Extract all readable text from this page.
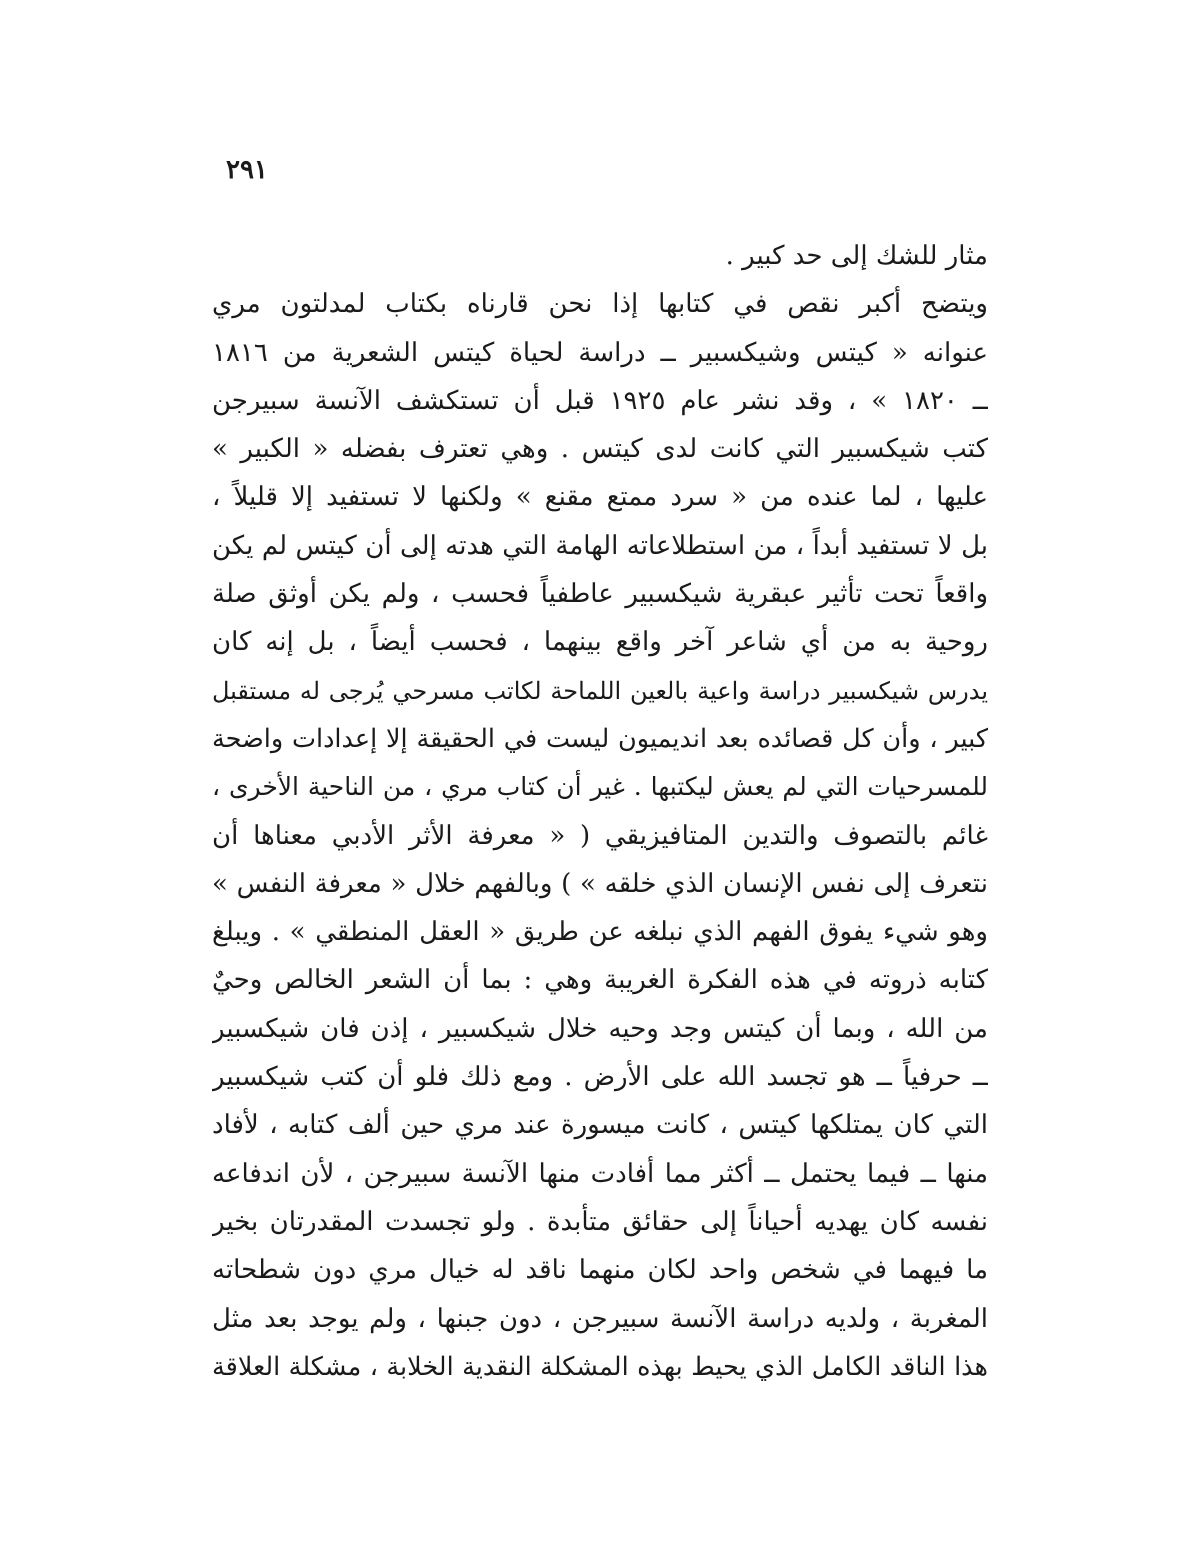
٢٩١
مثار للشك إلى حد كبير .
ويتضح أكبر نقص في كتابها إذا نحن قارناه بكتاب لمدلتون مري
عنوانه « كيتس وشيكسبير ــ دراسة لحياة كيتس الشعرية من ١٨١٦
ــ ١٨٢٠ » ، وقد نشر عام ١٩٢٥ قبل أن تستكشف الآنسة سبيرجن
كتب شيكسبير التي كانت لدى كيتس . وهي تعترف بفضله « الكبير »
عليها ، لما عنده من « سرد ممتع مقنع » ولكنها لا تستفيد إلا قليلاً ،
بل لا تستفيد أبداً ، من استطلاعاته الهامة التي هدته إلى أن كيتس لم يكن
واقعاً تحت تأثير عبقرية شيكسبير عاطفياً فحسب ، ولم يكن أوثق صلة
روحية به من أي شاعر آخر واقع بينهما ، فحسب أيضاً ، بل إنه كان
يدرس شيكسبير دراسة واعية بالعين اللماحة لكاتب مسرحي يُرجى له مستقبل
كبير ، وأن كل قصائده بعد انديميون ليست في الحقيقة إلا إعدادات واضحة
للمسرحيات التي لم يعش ليكتبها . غير أن كتاب مري ، من الناحية الأخرى ،
غائم بالتصوف والتدين المتافيزيقي ( « معرفة الأثر الأدبي معناها أن
نتعرف إلى نفس الإنسان الذي خلقه » ) وبالفهم خلال « معرفة النفس »
وهو شيء يفوق الفهم الذي نبلغه عن طريق « العقل المنطقي » . ويبلغ
كتابه ذروته في هذه الفكرة الغريبة وهي : بما أن الشعر الخالص وحيٌ
من الله ، وبما أن كيتس وجد وحيه خلال شيكسبير ، إذن فان شيكسبير
ــ حرفياً ــ هو تجسد الله على الأرض . ومع ذلك فلو أن كتب شيكسبير
التي كان يمتلكها كيتس ، كانت ميسورة عند مري حين ألف كتابه ، لأفاد
منها ــ فيما يحتمل ــ أكثر مما أفادت منها الآنسة سبيرجن ، لأن اندفاعه
نفسه كان يهديه أحياناً إلى حقائق متأبدة . ولو تجسدت المقدرتان بخير
ما فيهما في شخص واحد لكان منهما ناقد له خيال مري دون شطحاته
المغربة ، ولديه دراسة الآنسة سبيرجن ، دون جبنها ، ولم يوجد بعد مثل
هذا الناقد الكامل الذي يحيط بهذه المشكلة النقدية الخلابة ، مشكلة العلاقة
